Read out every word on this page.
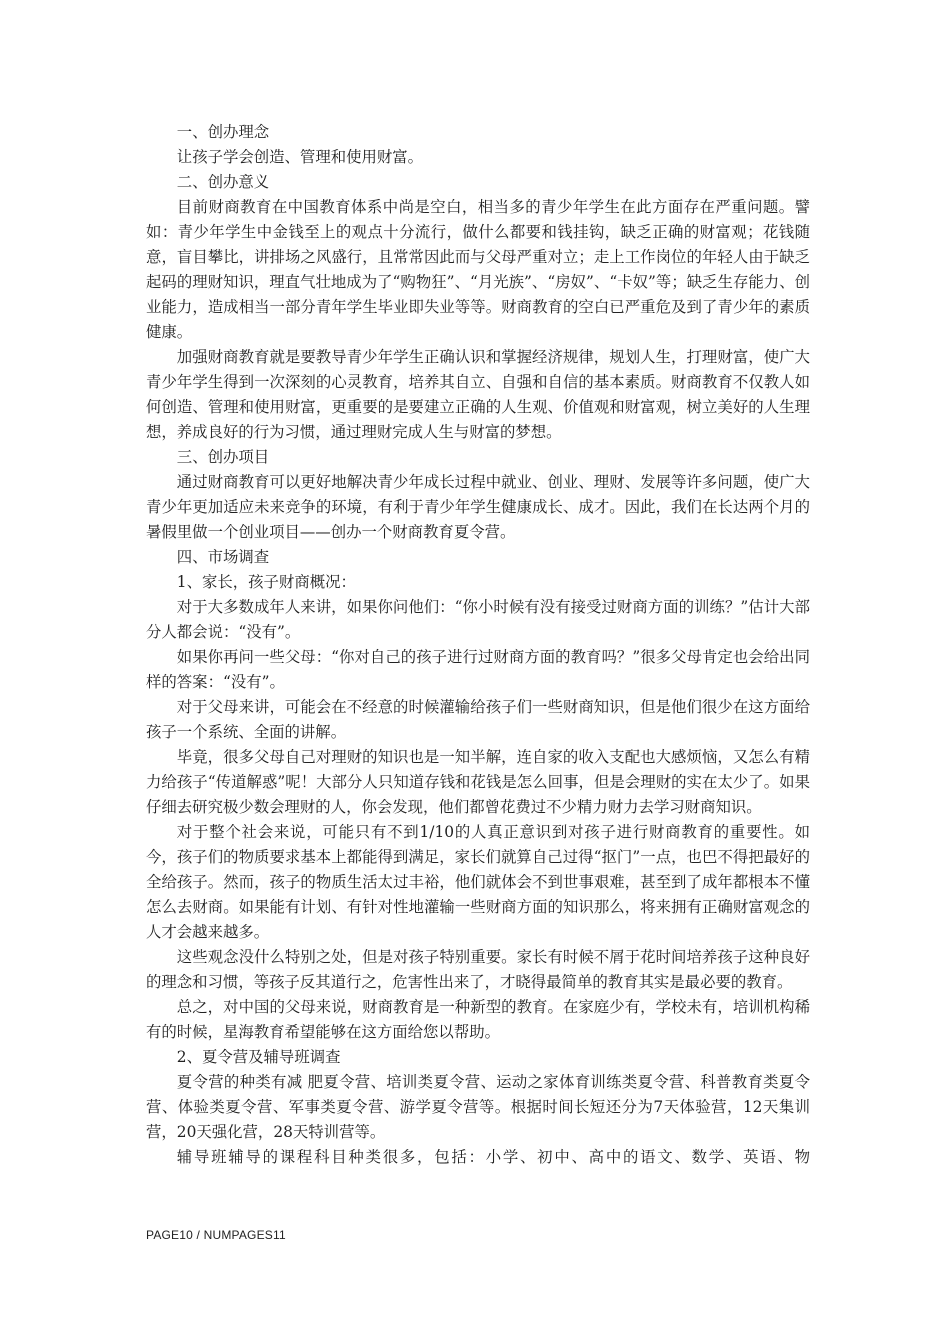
一、创办理念

让孩子学会创造、管理和使用财富。

二、创办意义

目前财商教育在中国教育体系中尚是空白，相当多的青少年学生在此方面存在严重问题。譬如：青少年学生中金钱至上的观点十分流行，做什么都要和钱挂钩，缺乏正确的财富观；花钱随意，盲目攀比，讲排场之风盛行，且常常因此而与父母严重对立；走上工作岗位的年轻人由于缺乏起码的理财知识，理直气壮地成为了“购物狂”、“月光族”、“房奴”、“卡奴”等；缺乏生存能力、创业能力，造成相当一部分青年学生毕业即失业等等。财商教育的空白已严重危及到了青少年的素质健康。

加强财商教育就是要教导青少年学生正确认识和掌握经济规律，规划人生，打理财富，使广大青少年学生得到一次深刻的心灵教育，培养其自立、自强和自信的基本素质。财商教育不仅教人如何创造、管理和使用财富，更重要的是要建立正确的人生观、价值观和财富观，树立美好的人生理想，养成良好的行为习惯，通过理财完成人生与财富的梦想。

三、创办项目

通过财商教育可以更好地解决青少年成长过程中就业、创业、理财、发展等许多问题，使广大青少年更加适应未来竞争的环境，有利于青少年学生健康成长、成才。因此，我们在长达两个月的暑假里做一个创业项目——创办一个财商教育夏令营。

四、市场调查

1、家长，孩子财商概况：

对于大多数成年人来讲，如果你问他们：“你小时候有没有接受过财商方面的训练？”估计大部分人都会说：“没有”。

如果你再问一些父母：“你对自己的孩子进行过财商方面的教育吗？”很多父母肯定也会给出同样的答案：“没有”。

对于父母来讲，可能会在不经意的时候灌输给孩子们一些财商知识，但是他们很少在这方面给孩子一个系统、全面的讲解。

毕竟，很多父母自己对理财的知识也是一知半解，连自家的收入支配也大感烦恼，又怎么有精力给孩子“传道解惑”呢！大部分人只知道存钱和花钱是怎么回事，但是会理财的实在太少了。如果仔细去研究极少数会理财的人，你会发现，他们都曾花费过不少精力财力去学习财商知识。

对于整个社会来说，可能只有不到1/10的人真正意识到对孩子进行财商教育的重要性。如今，孩子们的物质要求基本上都能得到满足，家长们就算自己过得“抠门”一点，也巴不得把最好的全给孩子。然而，孩子的物质生活太过丰裕，他们就体会不到世事艰难，甚至到了成年都根本不懂怎么去财商。如果能有计划、有针对性地灌输一些财商方面的知识那么，将来拥有正确财富观念的人才会越来越多。

这些观念没什么特别之处，但是对孩子特别重要。家长有时候不屑于花时间培养孩子这种良好的理念和习惯，等孩子反其道行之，危害性出来了，才晓得最简单的教育其实是最必要的教育。

总之，对中国的父母来说，财商教育是一种新型的教育。在家庭少有，学校未有，培训机构稀有的时候，星海教育希望能够在这方面给您以帮助。

2、夏令营及辅导班调查

夏令营的种类有减 肥夏令营、培训类夏令营、运动之家体育训练类夏令营、科普教育类夏令营、体验类夏令营、军事类夏令营、游学夏令营等。根据时间长短还分为7天体验营，12天集训营，20天强化营，28天特训营等。

辅导班辅导的课程科目种类很多，包括：小学、初中、高中的语文、数学、英语、物

PAGE10 / NUMPAGES11
